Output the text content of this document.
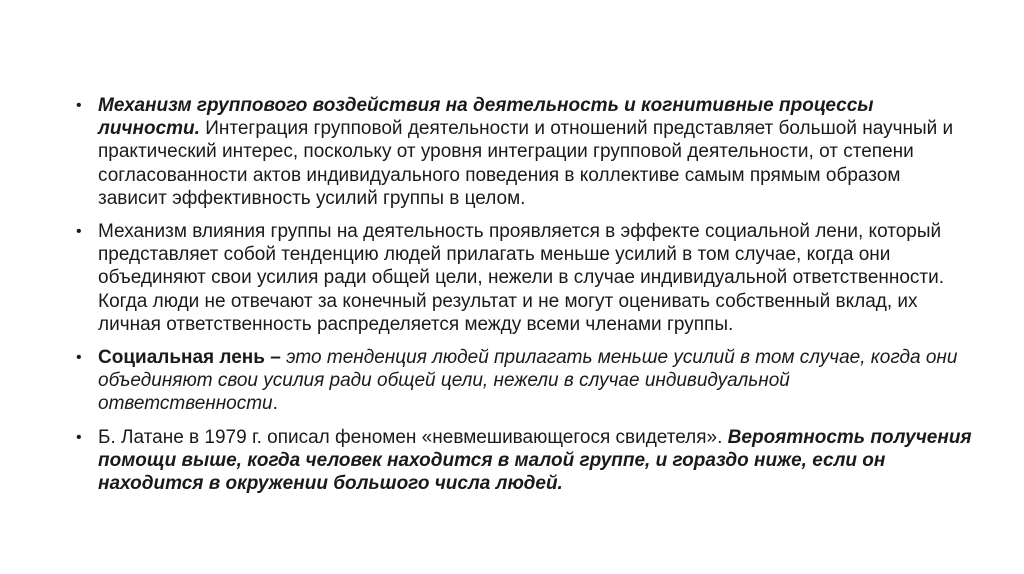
• Механизм группового воздействия на деятельность и когнитивные процессы личности. Интеграция групповой деятельности и отношений представляет большой научный и практический интерес, поскольку от уровня интеграции групповой деятельности, от степени согласованности актов индивидуального поведения в коллективе самым прямым образом зависит эффективность усилий группы в целом.
• Механизм влияния группы на деятельность проявляется в эффекте социальной лени, который представляет собой тенденцию людей прилагать меньше усилий в том случае, когда они объединяют свои усилия ради общей цели, нежели в случае индивидуальной ответственности. Когда люди не отвечают за конечный результат и не могут оценивать собственный вклад, их личная ответственность распределяется между всеми членами группы.
• Социальная лень – это тенденция людей прилагать меньше усилий в том случае, когда они объединяют свои усилия ради общей цели, нежели в случае индивидуальной ответственности.
• Б. Латане в 1979 г. описал феномен «невмешивающегося свидетеля». Вероятность получения помощи выше, когда человек находится в малой группе, и гораздо ниже, если он находится в окружении большого числа людей.
